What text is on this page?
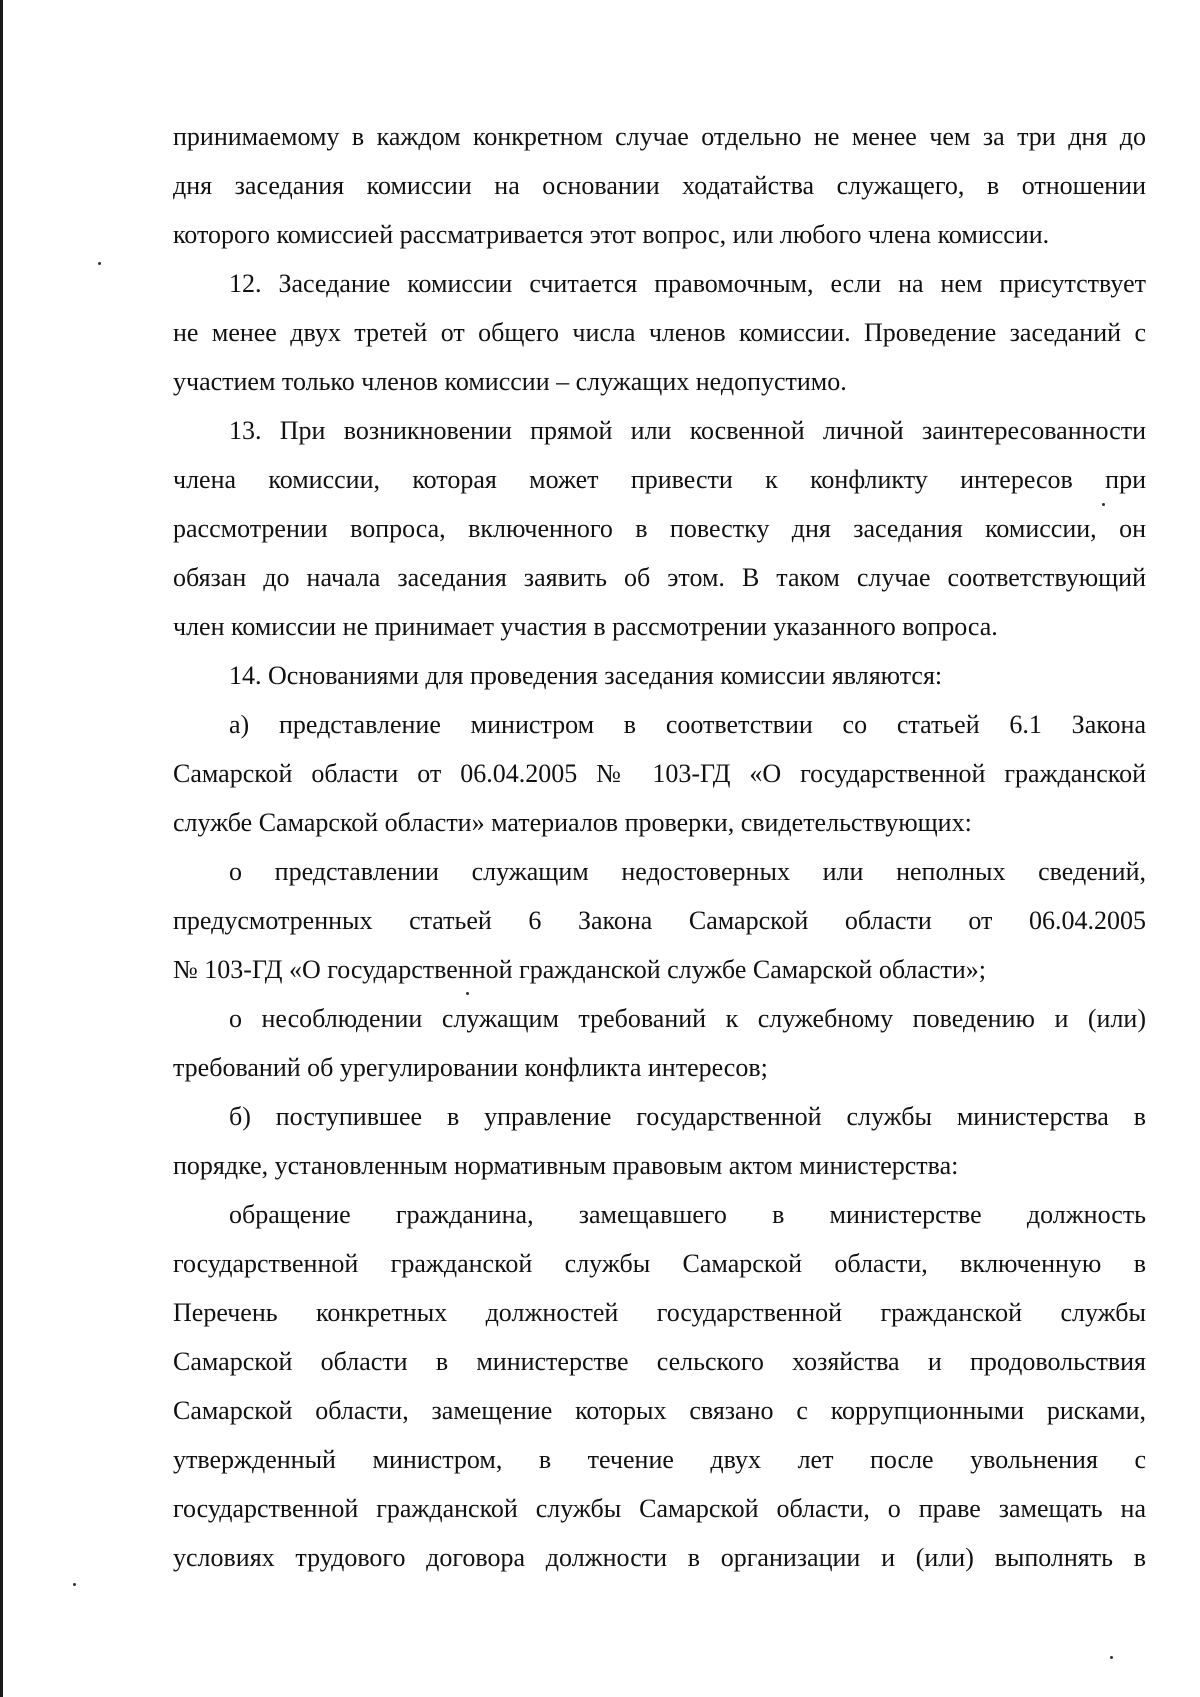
принимаемому в каждом конкретном случае отдельно не менее чем за три дня до
дня заседания комиссии на основании ходатайства служащего, в отношении
которого комиссией рассматривается этот вопрос, или любого члена комиссии.
12. Заседание комиссии считается правомочным, если на нем присутствует
не менее двух третей от общего числа членов комиссии. Проведение заседаний с
участием только членов комиссии – служащих недопустимо.
13. При возникновении прямой или косвенной личной заинтересованности
члена комиссии, которая может привести к конфликту интересов при
рассмотрении вопроса, включенного в повестку дня заседания комиссии, он
обязан до начала заседания заявить об этом. В таком случае соответствующий
член комиссии не принимает участия в рассмотрении указанного вопроса.
14. Основаниями для проведения заседания комиссии являются:
а) представление министром в соответствии со статьей 6.1 Закона
Самарской области от 06.04.2005 № 103-ГД «О государственной гражданской
службе Самарской области» материалов проверки, свидетельствующих:
о представлении служащим недостоверных или неполных сведений,
предусмотренных статьей 6 Закона Самарской области от 06.04.2005
№ 103-ГД «О государственной гражданской службе Самарской области»;
о несоблюдении служащим требований к служебному поведению и (или)
требований об урегулировании конфликта интересов;
б) поступившее в управление государственной службы министерства в
порядке, установленным нормативным правовым актом министерства:
обращение гражданина, замещавшего в министерстве должность
государственной гражданской службы Самарской области, включенную в
Перечень конкретных должностей государственной гражданской службы
Самарской области в министерстве сельского хозяйства и продовольствия
Самарской области, замещение которых связано с коррупционными рисками,
утвержденный министром, в течение двух лет после увольнения с
государственной гражданской службы Самарской области, о праве замещать на
условиях трудового договора должности в организации и (или) выполнять в
